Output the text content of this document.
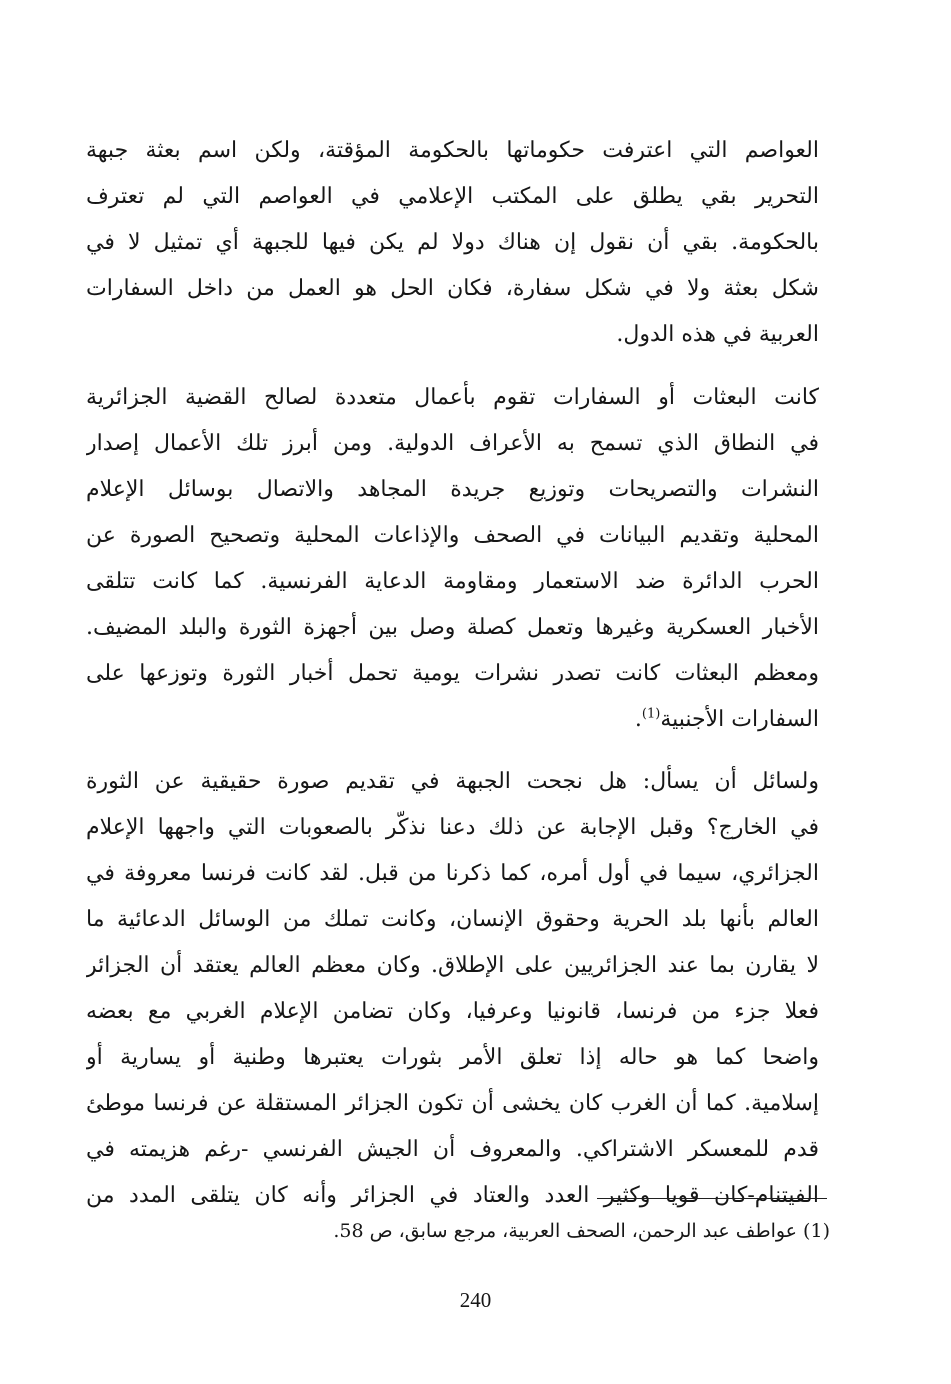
العواصم التي اعترفت حكوماتها بالحكومة المؤقتة، ولكن اسم بعثة جبهة
التحرير بقي يطلق على المكتب الإعلامي في العواصم التي لم تعترف
بالحكومة. بقي أن نقول إن هناك دولا لم يكن فيها للجبهة أي تمثيل لا في
شكل بعثة ولا في شكل سفارة، فكان الحل هو العمل من داخل السفارات
العربية في هذه الدول.
كانت البعثات أو السفارات تقوم بأعمال متعددة لصالح القضية الجزائرية
في النطاق الذي تسمح به الأعراف الدولية. ومن أبرز تلك الأعمال إصدار
النشرات والتصريحات وتوزيع جريدة المجاهد والاتصال بوسائل الإعلام
المحلية وتقديم البيانات في الصحف والإذاعات المحلية وتصحيح الصورة عن
الحرب الدائرة ضد الاستعمار ومقاومة الدعاية الفرنسية. كما كانت تتلقى
الأخبار العسكرية وغيرها وتعمل كصلة وصل بين أجهزة الثورة والبلد المضيف.
ومعظم البعثات كانت تصدر نشرات يومية تحمل أخبار الثورة وتوزعها على
السفارات الأجنبية$^{(1)}$.
ولسائل أن يسأل: هل نجحت الجبهة في تقديم صورة حقيقية عن الثورة
في الخارج؟ وقبل الإجابة عن ذلك دعنا نذكّر بالصعوبات التي واجهها الإعلام
الجزائري، سيما في أول أمره، كما ذكرنا من قبل. لقد كانت فرنسا معروفة في
العالم بأنها بلد الحرية وحقوق الإنسان، وكانت تملك من الوسائل الدعائية ما
لا يقارن بما عند الجزائريين على الإطلاق. وكان معظم العالم يعتقد أن الجزائر
فعلا جزء من فرنسا، قانونيا وعرفيا، وكان تضامن الإعلام الغربي مع بعضه
واضحا كما هو حاله إذا تعلق الأمر بثورات يعتبرها وطنية أو يسارية أو
إسلامية. كما أن الغرب كان يخشى أن تكون الجزائر المستقلة عن فرنسا موطئ
قدم للمعسكر الاشتراكي. والمعروف أن الجيش الفرنسي -رغم هزيمته في
الفيتنام-كان قويا وكثير العدد والعتاد في الجزائر وأنه كان يتلقى المدد من
(1) عواطف عبد الرحمن، الصحف العربية، مرجع سابق، ص 58.
240
